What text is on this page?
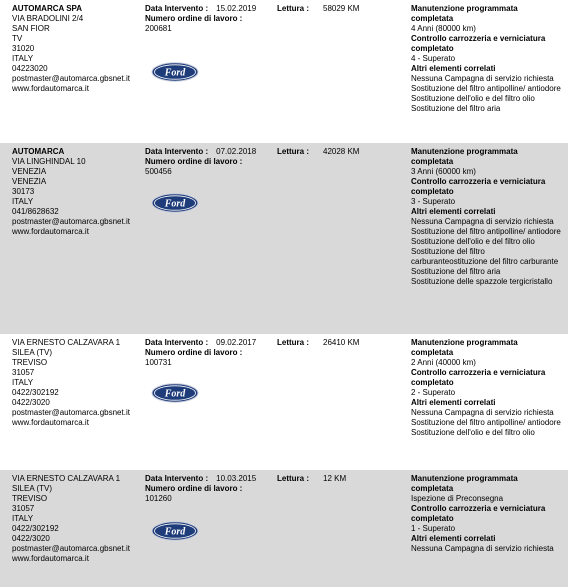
AUTOMARCA SPA
VIA BRADOLINI 2/4
SAN FIOR
TV
31020
ITALY
04223020
postmaster@automarca.gbsnet.it
www.fordautomarca.it
Data Intervento : 15.02.2019
Numero ordine di lavoro :
200681
Ford
Lettura : 58029 KM	Manutenzione programmata completata
4 Anni (80000 km)
Controllo carrozzeria e verniciatura completato
4 - Superato
Altri elementi correlati
Nessuna Campagna di servizio richiesta
Sostituzione del filtro antipolline/ antiodore
Sostituzione dell'olio e del filtro olio
Sostituzione del filtro aria
AUTOMARCA
VIA LINGHINDAL 10
VENEZIA
VENEZIA
30173
ITALY
041/8628632
postmaster@automarca.gbsnet.it
www.fordautomarca.it
Data Intervento : 07.02.2018
Numero ordine di lavoro :
500456
Ford
Lettura : 42028 KM	Manutenzione programmata completata
3 Anni (60000 km)
Controllo carrozzeria e verniciatura completato
3 - Superato
Altri elementi correlati
Nessuna Campagna di servizio richiesta
Sostituzione del filtro antipolline/ antiodore
Sostituzione dell'olio e del filtro olio
Sostituzione del filtro carburanteostituzione del filtro carburante
Sostituzione del filtro aria
Sostituzione delle spazzole tergicristallo
VIA ERNESTO CALZAVARA 1
SILEA (TV)
TREVISO
31057
ITALY
0422/302192
0422/3020
postmaster@automarca.gbsnet.it
www.fordautomarca.it
Data Intervento : 09.02.2017
Numero ordine di lavoro :
100731
Ford
Lettura : 26410 KM	Manutenzione programmata completata
2 Anni (40000 km)
Controllo carrozzeria e verniciatura completato
2 - Superato
Altri elementi correlati
Nessuna Campagna di servizio richiesta
Sostituzione del filtro antipolline/ antiodore
Sostituzione dell'olio e del filtro olio
VIA ERNESTO CALZAVARA 1
SILEA (TV)
TREVISO
31057
ITALY
0422/302192
0422/3020
postmaster@automarca.gbsnet.it
www.fordautomarca.it
Data Intervento : 10.03.2015
Numero ordine di lavoro :
101260
Ford
Lettura : 12 KM	Manutenzione programmata completata
Ispezione di Preconsegna
Controllo carrozzeria e verniciatura completato
1 - Superato
Altri elementi correlati
Nessuna Campagna di servizio richiesta
